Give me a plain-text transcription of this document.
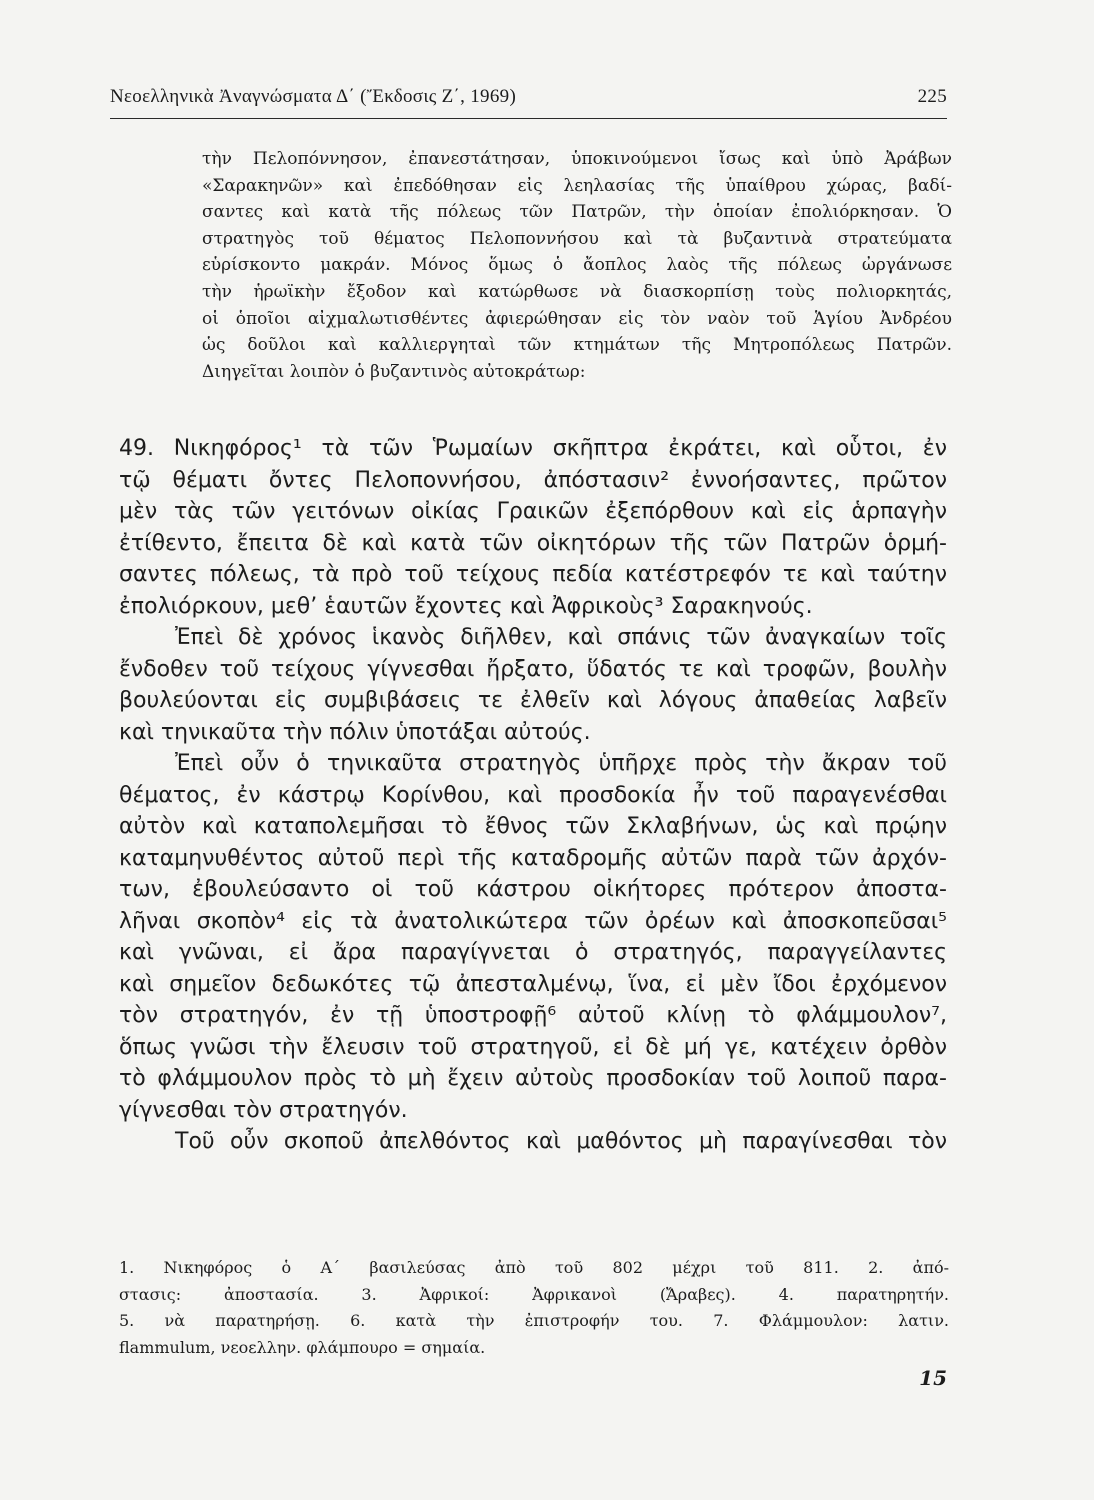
Νεοελληνικὰ Ἀναγνώσματα Δ΄ (Ἔκδοσις Ζ΄, 1969)	225
τὴν Πελοπόννησον, ἐπανεστάτησαν, ὑποκινούμενοι ἴσως καὶ ὑπὸ Ἀράβων
«Σαρακηνῶν» καὶ ἐπεδόθησαν εἰς λεηλασίας τῆς ὑπαίθρου χώρας, βαδί-
σαντες καὶ κατὰ τῆς πόλεως τῶν Πατρῶν, τὴν ὁποίαν ἐπολιόρκησαν. Ὁ
στρατηγὸς τοῦ θέματος Πελοποννήσου καὶ τὰ βυζαντινὰ στρατεύματα
εὑρίσκοντο μακράν. Μόνος ὅμως ὁ ἄοπλος λαὸς τῆς πόλεως ὠργάνωσε
τὴν ἡρωϊκὴν ἔξοδον καὶ κατώρθωσε νὰ διασκορπίσῃ τοὺς πολιορκητάς,
οἱ ὁποῖοι αἰχμαλωτισθέντες ἀφιερώθησαν εἰς τὸν ναὸν τοῦ Ἁγίου Ἀνδρέου
ὡς δοῦλοι καὶ καλλιεργηταὶ τῶν κτημάτων τῆς Μητροπόλεως Πατρῶν.
Διηγεῖται λοιπὸν ὁ βυζαντινὸς αὐτοκράτωρ:
49. Νικηφόρος¹ τὰ τῶν Ῥωμαίων σκῆπτρα ἐκράτει, καὶ οὗτοι, ἐν
τῷ θέματι ὄντες Πελοποννήσου, ἀπόστασιν² ἐννοήσαντες, πρῶτον
μὲν τὰς τῶν γειτόνων οἰκίας Γραικῶν ἐξεπόρθουν καὶ εἰς ἁρπαγὴν
ἐτίθεντο, ἔπειτα δὲ καὶ κατὰ τῶν οἰκητόρων τῆς τῶν Πατρῶν ὁρμή-
σαντες πόλεως, τὰ πρὸ τοῦ τείχους πεδία κατέστρεφόν τε καὶ ταύτην
ἐπολιόρκουν, μεθ’ ἑαυτῶν ἔχοντες καὶ Ἀφρικοὺς³ Σαρακηνούς.
Ἐπεὶ δὲ χρόνος ἱκανὸς διῆλθεν, καὶ σπάνις τῶν ἀναγκαίων τοῖς
ἔνδοθεν τοῦ τείχους γίγνεσθαι ἤρξατο, ὕδατός τε καὶ τροφῶν, βουλὴν
βουλεύονται εἰς συμβιβάσεις τε ἐλθεῖν καὶ λόγους ἀπαθείας λαβεῖν
καὶ τηνικαῦτα τὴν πόλιν ὑποτάξαι αὐτούς.
Ἐπεὶ οὖν ὁ τηνικαῦτα στρατηγὸς ὑπῆρχε πρὸς τὴν ἄκραν τοῦ
θέματος, ἐν κάστρῳ Κορίνθου, καὶ προσδοκία ἦν τοῦ παραγενέσθαι
αὐτὸν καὶ καταπολεμῆσαι τὸ ἔθνος τῶν Σκλαβήνων, ὡς καὶ πρῴην
καταμηνυθέντος αὐτοῦ περὶ τῆς καταδρομῆς αὐτῶν παρὰ τῶν ἀρχόν-
των, ἐβουλεύσαντο οἱ τοῦ κάστρου οἰκήτορες πρότερον ἀποστα-
λῆναι σκοπὸν⁴ εἰς τὰ ἀνατολικώτερα τῶν ὀρέων καὶ ἀποσκοπεῦσαι⁵
καὶ γνῶναι, εἰ ἄρα παραγίγνεται ὁ στρατηγός, παραγγείλαντες
καὶ σημεῖον δεδωκότες τῷ ἀπεσταλμένῳ, ἵνα, εἰ μὲν ἴδοι ἐρχόμενον
τὸν στρατηγόν, ἐν τῇ ὑποστροφῇ⁶ αὐτοῦ κλίνῃ τὸ φλάμμουλον⁷,
ὅπως γνῶσι τὴν ἔλευσιν τοῦ στρατηγοῦ, εἰ δὲ μή γε, κατέχειν ὀρθὸν
τὸ φλάμμουλον πρὸς τὸ μὴ ἔχειν αὐτοὺς προσδοκίαν τοῦ λοιποῦ παρα-
γίγνεσθαι τὸν στρατηγόν.
Τοῦ οὖν σκοποῦ ἀπελθόντος καὶ μαθόντος μὴ παραγίνεσθαι τὸν
1. Νικηφόρος ὁ Α΄ βασιλεύσας ἀπὸ τοῦ 802 μέχρι τοῦ 811. 2. ἀπό-
στασις: ἀποστασία. 3. Ἀφρικοί: Ἀφρικανοὶ (Ἄραβες). 4. παρατηρητήν.
5. νὰ παρατηρήσῃ. 6. κατὰ τὴν ἐπιστροφήν του. 7. Φλάμμουλον: λατιν.
flammulum, νεοελλην. φλάμπουρο = σημαία.
15
